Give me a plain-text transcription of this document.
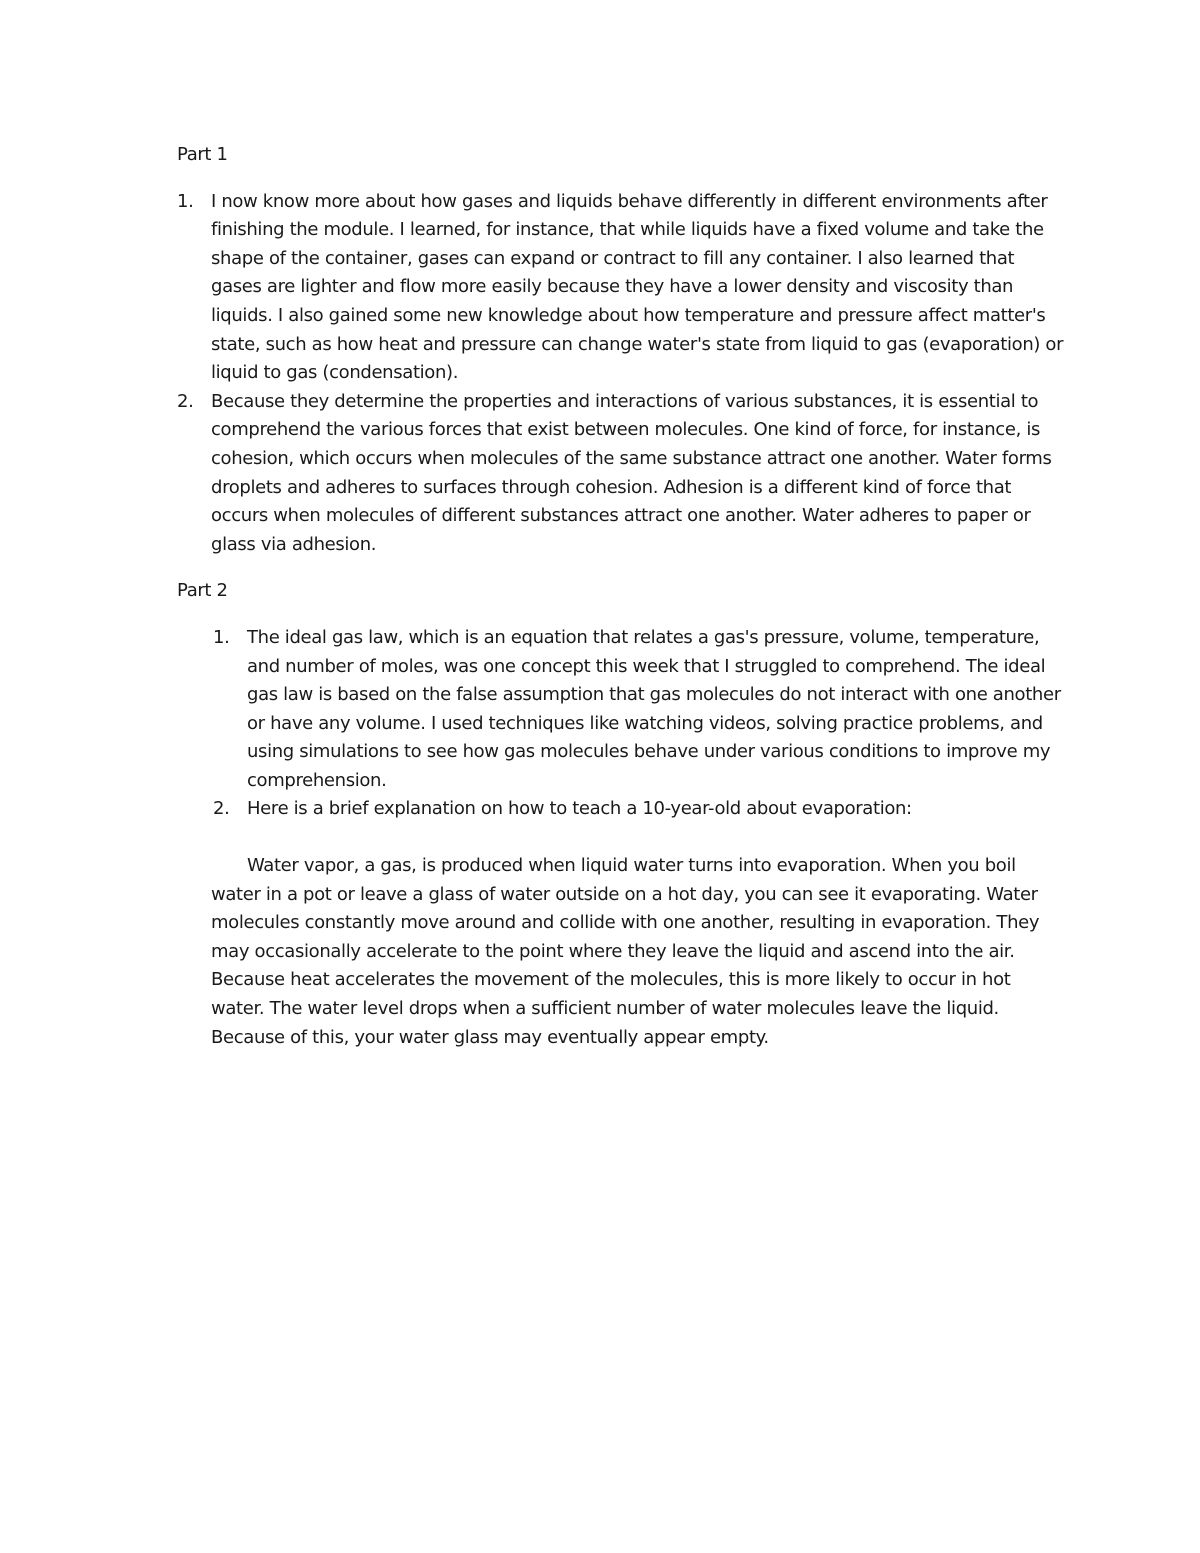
Part 1
1. I now know more about how gases and liquids behave differently in different environments after finishing the module. I learned, for instance, that while liquids have a fixed volume and take the shape of the container, gases can expand or contract to fill any container. I also learned that gases are lighter and flow more easily because they have a lower density and viscosity than liquids. I also gained some new knowledge about how temperature and pressure affect matter's state, such as how heat and pressure can change water's state from liquid to gas (evaporation) or liquid to gas (condensation).
2. Because they determine the properties and interactions of various substances, it is essential to comprehend the various forces that exist between molecules. One kind of force, for instance, is cohesion, which occurs when molecules of the same substance attract one another. Water forms droplets and adheres to surfaces through cohesion. Adhesion is a different kind of force that occurs when molecules of different substances attract one another. Water adheres to paper or glass via adhesion.
Part 2
1. The ideal gas law, which is an equation that relates a gas's pressure, volume, temperature, and number of moles, was one concept this week that I struggled to comprehend. The ideal gas law is based on the false assumption that gas molecules do not interact with one another or have any volume. I used techniques like watching videos, solving practice problems, and using simulations to see how gas molecules behave under various conditions to improve my comprehension.
2. Here is a brief explanation on how to teach a 10-year-old about evaporation:

Water vapor, a gas, is produced when liquid water turns into evaporation. When you boil water in a pot or leave a glass of water outside on a hot day, you can see it evaporating. Water molecules constantly move around and collide with one another, resulting in evaporation. They may occasionally accelerate to the point where they leave the liquid and ascend into the air. Because heat accelerates the movement of the molecules, this is more likely to occur in hot water. The water level drops when a sufficient number of water molecules leave the liquid. Because of this, your water glass may eventually appear empty.
